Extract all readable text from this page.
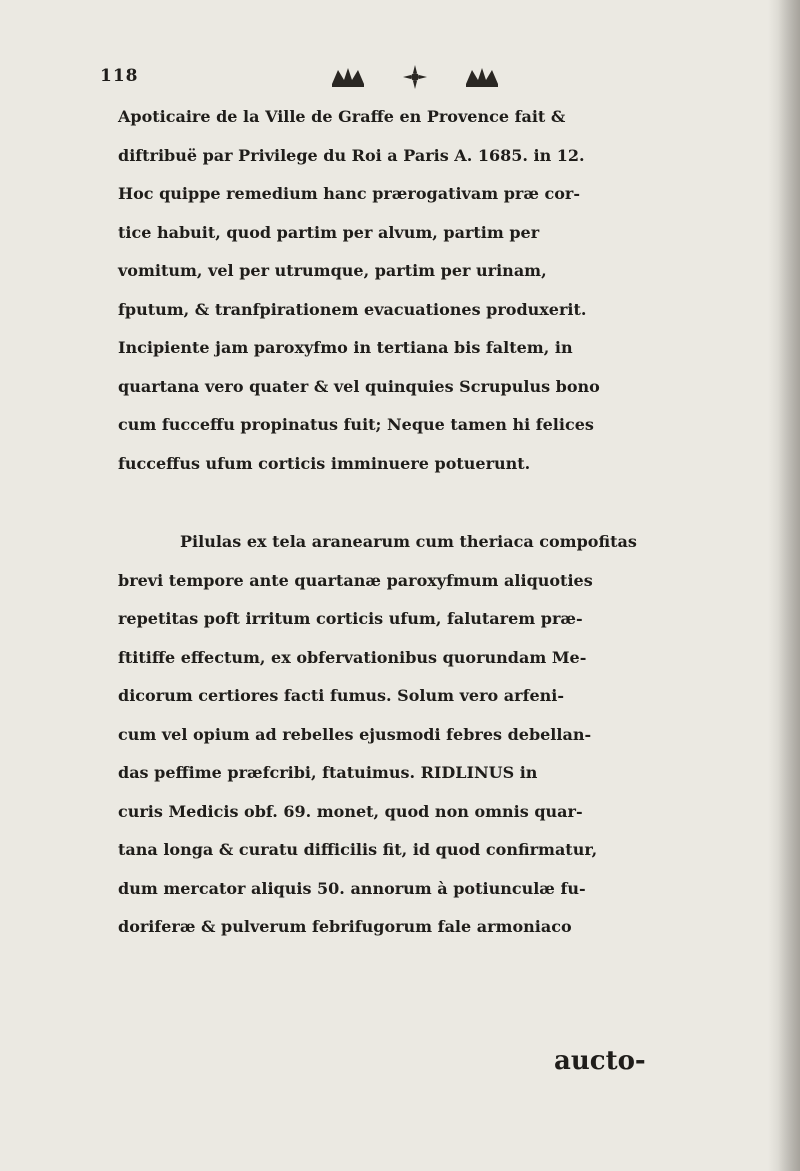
118
Apoticaire de la Ville de Graffe en Provence fait &
diftribuë par Privilege du Roi a Paris A. 1685. in 12.
Hoc quippe remedium hanc prærogativam præ cor-
tice habuit, quod partim per alvum, partim per
vomitum, vel per utrumque, partim per urinam,
fputum, & tranfpirationem evacuationes produxerit.
Incipiente jam paroxyfmo in tertiana bis faltem, in
quartana vero quater & vel quinquies Scrupulus bono
cum fucceffu propinatus fuit; Neque tamen hi felices
fucceffus ufum corticis imminuere potuerunt.
Pilulas ex tela aranearum cum theriaca compofitas
brevi tempore ante quartanæ paroxyfmum aliquoties
repetitas poft irritum corticis ufum, falutarem præ-
ftitiffe effectum, ex obfervationibus quorundam Me-
dicorum certiores facti fumus. Solum vero arfeni-
cum vel opium ad rebelles ejusmodi febres debellan-
das peffime præfcribi, ftatuimus. RIDLINUS in
curis Medicis obf. 69. monet, quod non omnis quar-
tana longa & curatu difficilis fit, id quod confirmatur,
dum mercator aliquis 50. annorum à potiunculæ fu-
doriferæ & pulverum febrifugorum fale armoniaco
aucto-
